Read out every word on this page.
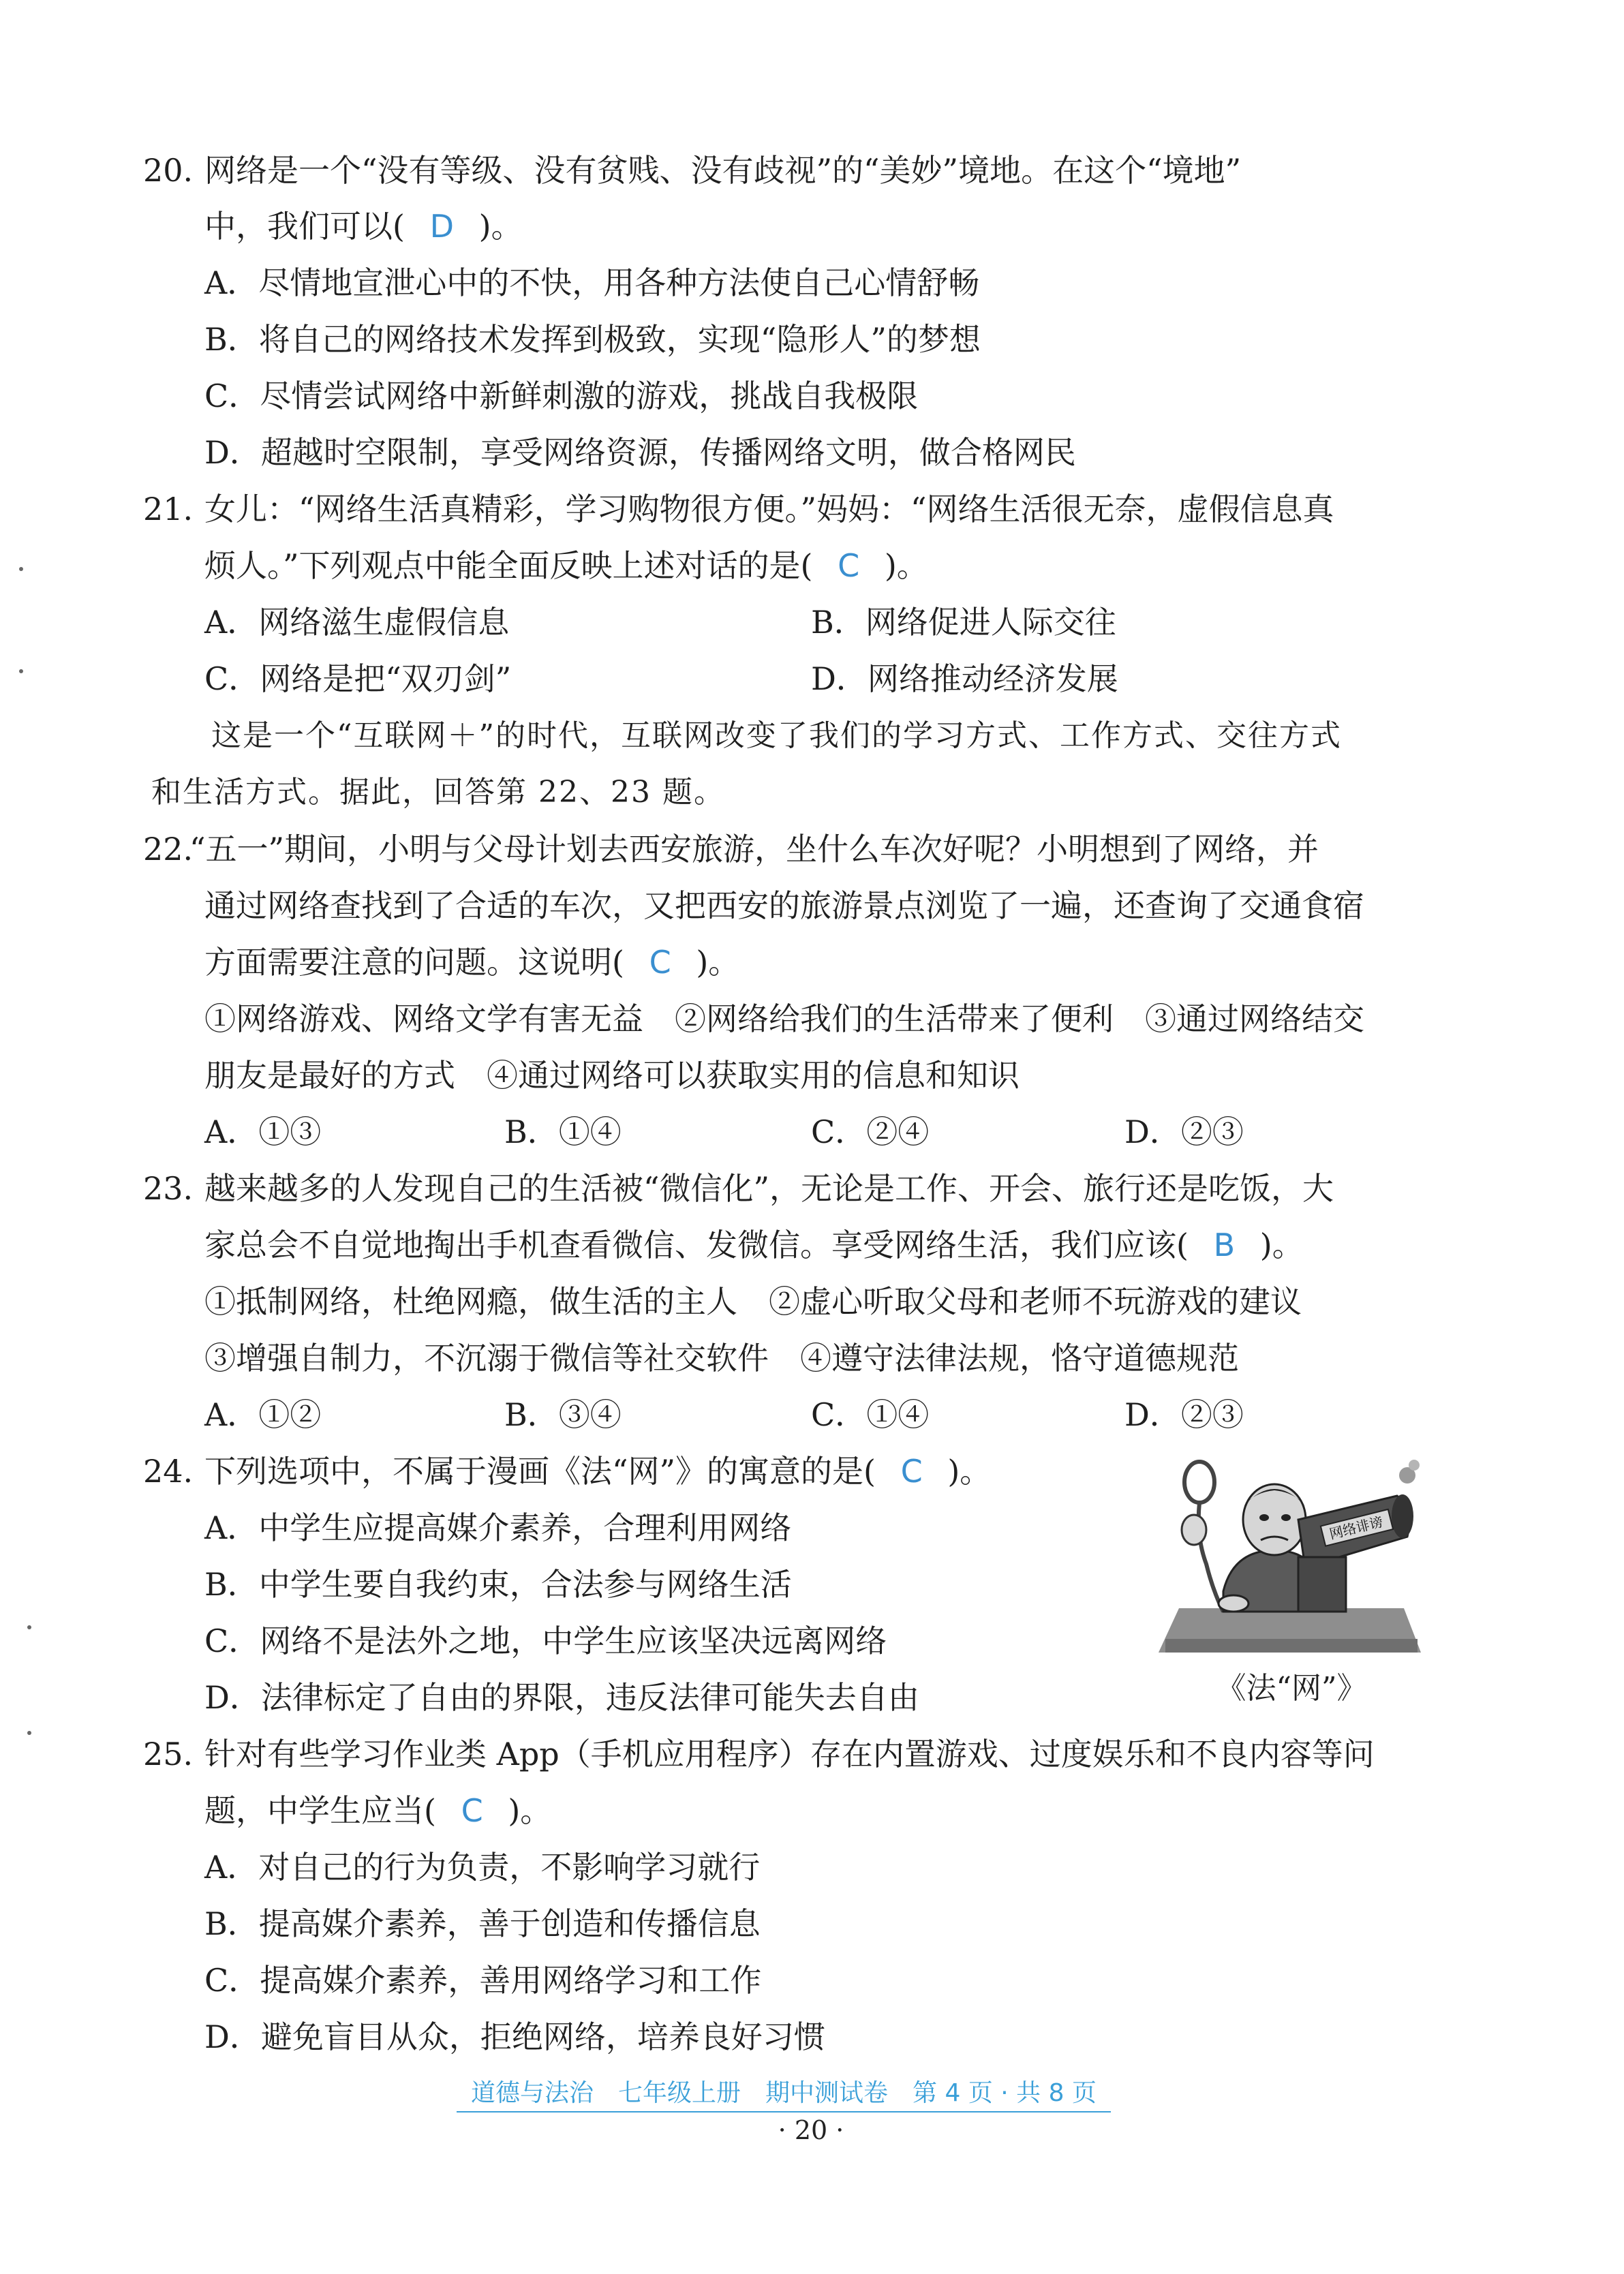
20. 网络是一个“没有等级、没有贫贱、没有歧视”的“美妙”境地。在这个“境地”
中，我们可以( D )。
A．尽情地宣泄心中的不快，用各种方法使自己心情舒畅
B．将自己的网络技术发挥到极致，实现“隐形人”的梦想
C．尽情尝试网络中新鲜刺激的游戏，挑战自我极限
D．超越时空限制，享受网络资源，传播网络文明，做合格网民
21. 女儿：“网络生活真精彩，学习购物很方便。”妈妈：“网络生活很无奈，虚假信息真
烦人。”下列观点中能全面反映上述对话的是( C )。
A．网络滋生虚假信息	B．网络促进人际交往
C．网络是把“双刃剑”	D．网络推动经济发展
这是一个“互联网＋”的时代，互联网改变了我们的学习方式、工作方式、交往方式
和生活方式。据此，回答第 22、23 题。
22.
“五一”期间，小明与父母计划去西安旅游，坐什么车次好呢？小明想到了网络，并
通过网络查找到了合适的车次，又把西安的旅游景点浏览了一遍，还查询了交通食宿
方面需要注意的问题。这说明( C )。
①网络游戏、网络文学有害无益　②网络给我们的生活带来了便利　③通过网络结交
朋友是最好的方式　④通过网络可以获取实用的信息和知识
A．①③	B．①④	C．②④	D．②③
23. 越来越多的人发现自己的生活被“微信化”，无论是工作、开会、旅行还是吃饭，大
家总会不自觉地掏出手机查看微信、发微信。享受网络生活，我们应该( B )。
①抵制网络，杜绝网瘾，做生活的主人　②虚心听取父母和老师不玩游戏的建议
③增强自制力，不沉溺于微信等社交软件　④遵守法律法规，恪守道德规范
A．①②	B．③④	C．①④	D．②③
24. 下列选项中，不属于漫画《法“网”》的寓意的是( C )。
A．中学生应提高媒介素养，合理利用网络
B．中学生要自我约束，合法参与网络生活
C．网络不是法外之地，中学生应该坚决远离网络
D．法律标定了自由的界限，违反法律可能失去自由
网络诽谤
《法“网”》
25. 针对有些学习作业类 App（手机应用程序）存在内置游戏、过度娱乐和不良内容等问
题，中学生应当( C )。
A．对自己的行为负责，不影响学习就行
B．提高媒介素养，善于创造和传播信息
C．提高媒介素养，善用网络学习和工作
D．避免盲目从众，拒绝网络，培养良好习惯
道德与法治　七年级上册　期中测试卷　第 4 页 · 共 8 页
· 20 ·
